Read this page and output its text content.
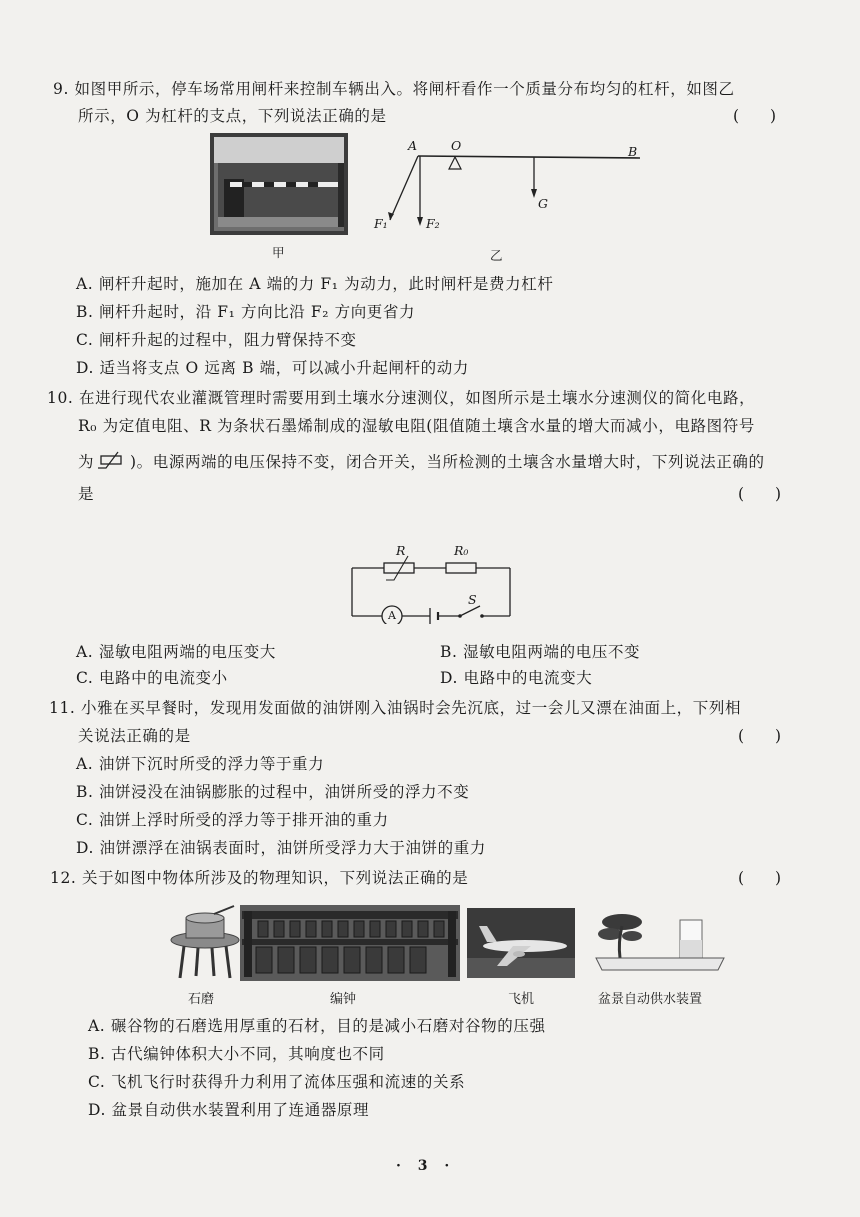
9. 如图甲所示，停车场常用闸杆来控制车辆出入。将闸杆看作一个质量分布均匀的杠杆，如图乙
所示，O 为杠杆的支点，下列说法正确的是	(　　)
甲
A	O	B
G
F₁	F₂
乙
A. 闸杆升起时，施加在 A 端的力 F₁ 为动力，此时闸杆是费力杠杆
B. 闸杆升起时，沿 F₁ 方向比沿 F₂ 方向更省力
C. 闸杆升起的过程中，阻力臂保持不变
D. 适当将支点 O 远离 B 端，可以减小升起闸杆的动力
10. 在进行现代农业灌溉管理时需要用到土壤水分速测仪，如图所示是土壤水分速测仪的简化电路，
R₀ 为定值电阻、R 为条状石墨烯制成的湿敏电阻(阻值随土壤含水量的增大而减小，电路图符号
为 )。电源两端的电压保持不变，闭合开关，当所检测的土壤含水量增大时，下列说法正确的
是	(　　)
R	R₀
A
S
A. 湿敏电阻两端的电压变大	B. 湿敏电阻两端的电压不变
C. 电路中的电流变小	D. 电路中的电流变大
11. 小雅在买早餐时，发现用发面做的油饼刚入油锅时会先沉底，过一会儿又漂在油面上，下列相
关说法正确的是	(　　)
A. 油饼下沉时所受的浮力等于重力
B. 油饼浸没在油锅膨胀的过程中，油饼所受的浮力不变
C. 油饼上浮时所受的浮力等于排开油的重力
D. 油饼漂浮在油锅表面时，油饼所受浮力大于油饼的重力
12. 关于如图中物体所涉及的物理知识，下列说法正确的是	(　　)
石磨	编钟	飞机	盆景自动供水装置
A. 碾谷物的石磨选用厚重的石材，目的是减小石磨对谷物的压强
B. 古代编钟体积大小不同，其响度也不同
C. 飞机飞行时获得升力利用了流体压强和流速的关系
D. 盆景自动供水装置利用了连通器原理
· 3 ·
